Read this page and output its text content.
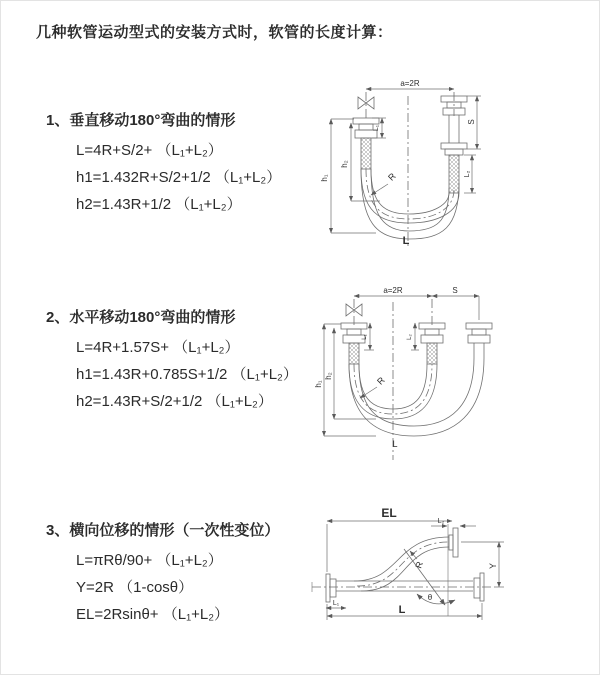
几种软管运动型式的安装方式时，软管的长度计算：
1、垂直移动180°弯曲的情形
L=4R+S/2+ （L₁+L₂）
h1=1.432R+S/2+1/2 （L₁+L₂）
h2=1.43R+1/2 （L₁+L₂）
2、水平移动180°弯曲的情形
L=4R+1.57S+ （L₁+L₂）
h1=1.43R+0.785S+1/2 （L₁+L₂）
h2=1.43R+S/2+1/2 （L₁+L₂）
3、横向位移的情形（一次性变位）
L=πRθ/90+ （L₁+L₂）
Y=2R （1-cosθ）
EL=2Rsinθ+ （L₁+L₂）
a=2R
h₁
h₂
L₁
S
L₂
R
L
a=2R	S
h₁
h₂
L₁	L₂
R
L
EL
L₂
Y
L
L₁
R
θ
